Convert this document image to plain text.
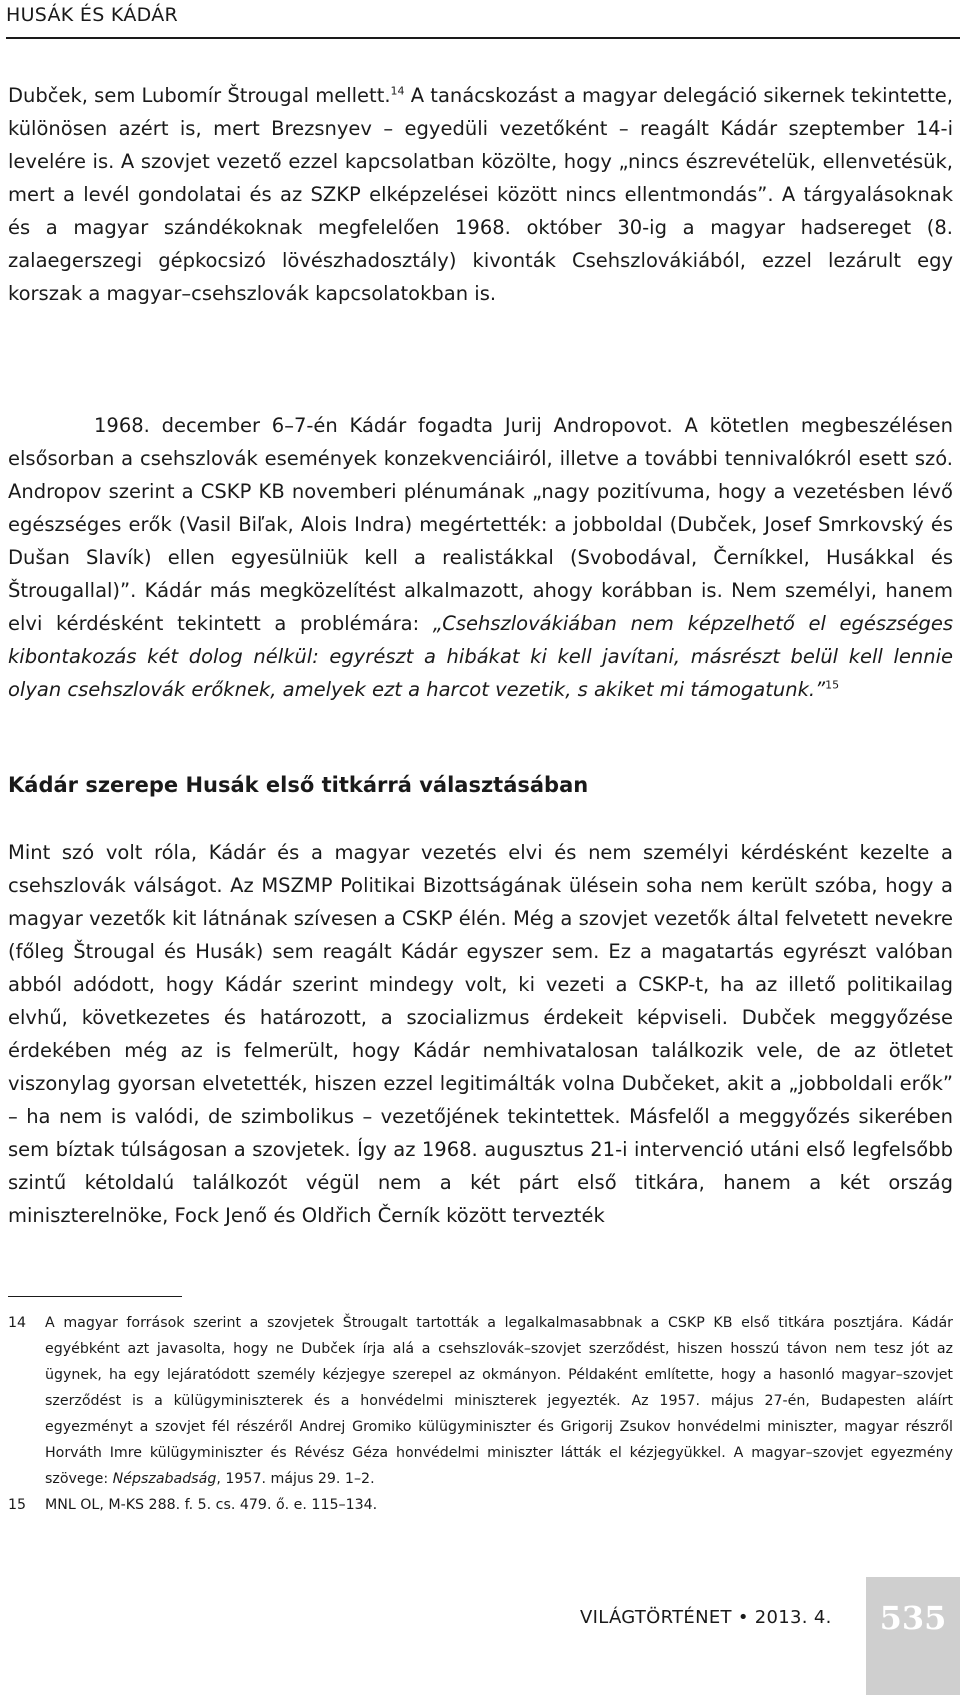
HUSÁK ÉS KÁDÁR

Dubček, sem Lubomír Štrougal mellett.$^{14}$ A tanácskozást a magyar delegáció sikernek tekintette, különösen azért is, mert Brezsnyev – egyedüli vezetőként – reagált Kádár szeptember 14-i levelére is. A szovjet vezető ezzel kapcsolatban közölte, hogy „nincs észrevételük, ellenvetésük, mert a levél gondolatai és az SZKP elképzelései között nincs ellentmondás”. A tárgyalásoknak és a magyar szándékoknak megfelelően 1968. október 30-ig a magyar hadsereget (8. zalaegerszegi gépkocsizó lövészhadosztály) kivonták Csehszlovákiából, ezzel lezárult egy korszak a magyar–csehszlovák kapcsolatokban is.

1968. december 6–7-én Kádár fogadta Jurij Andropovot. A kötetlen megbeszélésen elsősorban a csehszlovák események konzekvenciáiról, illetve a további tennivalókról esett szó. Andropov szerint a CSKP KB novemberi plénumának „nagy pozitívuma, hogy a vezetésben lévő egészséges erők (Vasil Biľak, Alois Indra) megértették: a jobboldal (Dubček, Josef Smrkovský és Dušan Slavík) ellen egyesülniük kell a realistákkal (Svobodával, Černíkkel, Husákkal és Štrougallal)”. Kádár más megközelítést alkalmazott, ahogy korábban is. Nem személyi, hanem elvi kérdésként tekintett a problémára: „Csehszlovákiában nem képzelhető el egészséges kibontakozás két dolog nélkül: egyrészt a hibákat ki kell javítani, másrészt belül kell lennie olyan csehszlovák erőknek, amelyek ezt a harcot vezetik, s akiket mi támogatunk.”$^{15}$

Kádár szerepe Husák első titkárrá választásában

Mint szó volt róla, Kádár és a magyar vezetés elvi és nem személyi kérdésként kezelte a csehszlovák válságot. Az MSZMP Politikai Bizottságának ülésein soha nem került szóba, hogy a magyar vezetők kit látnának szívesen a CSKP élén. Még a szovjet vezetők által felvetett nevekre (főleg Štrougal és Husák) sem reagált Kádár egyszer sem. Ez a magatartás egyrészt valóban abból adódott, hogy Kádár szerint mindegy volt, ki vezeti a CSKP-t, ha az illető politikailag elvhű, következetes és határozott, a szocializmus érdekeit képviseli. Dubček meggyőzése érdekében még az is felmerült, hogy Kádár nemhivatalosan találkozik vele, de az ötletet viszonylag gyorsan elvetették, hiszen ezzel legitimálták volna Dubčeket, akit a „jobboldali erők” – ha nem is valódi, de szimbolikus – vezetőjének tekintettek. Másfelől a meggyőzés sikerében sem bíztak túlságosan a szovjetek. Így az 1968. augusztus 21-i intervenció utáni első legfelsőbb szintű kétoldalú találkozót végül nem a két párt első titkára, hanem a két ország miniszterelnöke, Fock Jenő és Oldřich Černík között tervezték

14	A magyar források szerint a szovjetek Štrougalt tartották a legalkalmasabbnak a CSKP KB első titkára posztjára. Kádár egyébként azt javasolta, hogy ne Dubček írja alá a csehszlovák–szovjet szerződést, hiszen hosszú távon nem tesz jót az ügynek, ha egy lejáratódott személy kézjegye szerepel az okmányon. Példaként említette, hogy a hasonló magyar–szovjet szerződést is a külügyminiszterek és a honvédelmi miniszterek jegyezték. Az 1957. május 27-én, Budapesten aláírt egyezményt a szovjet fél részéről Andrej Gromiko külügyminiszter és Grigorij Zsukov honvédelmi miniszter, magyar részről Horváth Imre külügyminiszter és Révész Géza honvédelmi miniszter látták el kézjegyükkel. A magyar–szovjet egyezmény szövege: Népszabadság, 1957. május 29. 1–2.
15	MNL OL, M-KS 288. f. 5. cs. 479. ő. e. 115–134.
VILÁGTÖRTÉNET • 2013. 4.	535
